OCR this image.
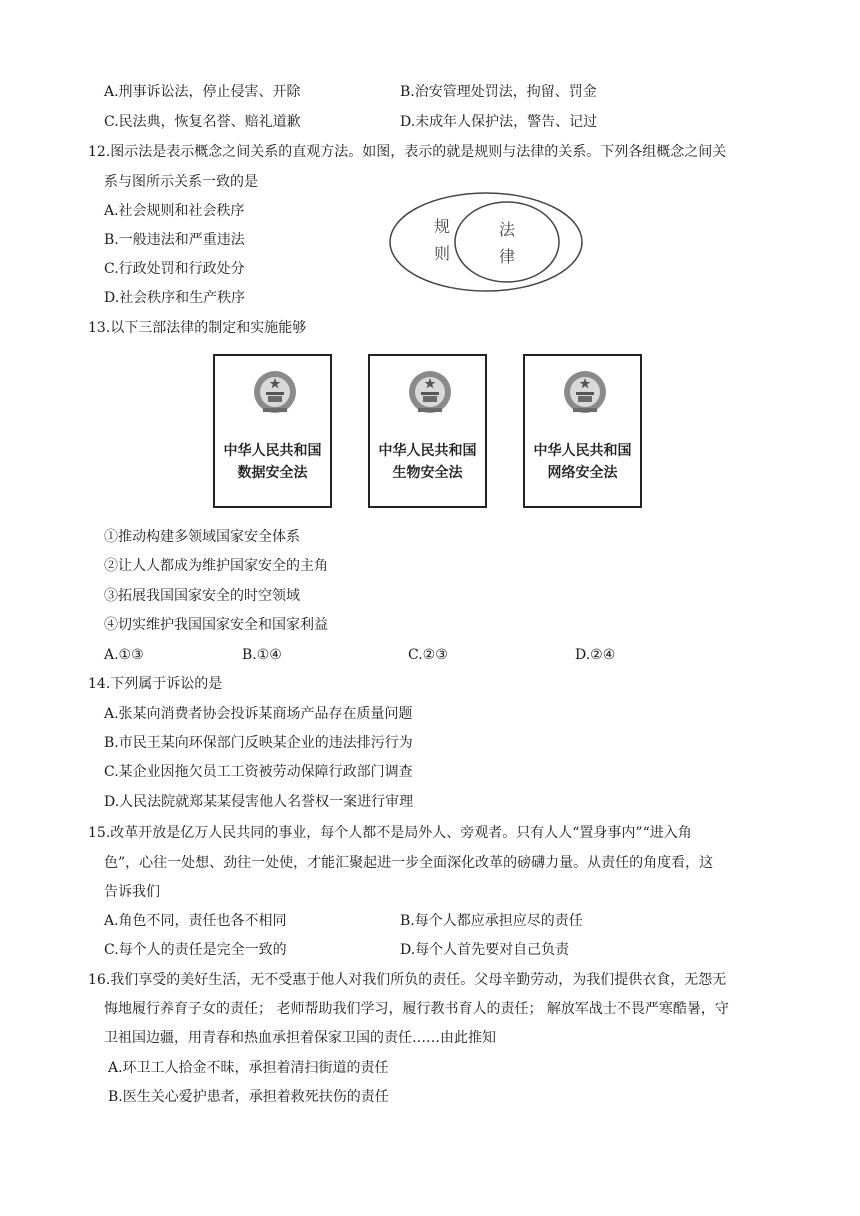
A.刑事诉讼法，停止侵害、开除	B.治安管理处罚法，拘留、罚金
C.民法典，恢复名誉、赔礼道歉	D.未成年人保护法，警告、记过
12.图示法是表示概念之间关系的直观方法。如图，表示的就是规则与法律的关系。下列各组概念之间关
系与图所示关系一致的是
A.社会规则和社会秩序
B.一般违法和严重违法
C.行政处罚和行政处分
D.社会秩序和生产秩序
规
则
法
律
13.以下三部法律的制定和实施能够
中华人民共和国
数据安全法
中华人民共和国
生物安全法
中华人民共和国
网络安全法
①推动构建多领域国家安全体系
②让人人都成为维护国家安全的主角
③拓展我国国家安全的时空领域
④切实维护我国国家安全和国家利益
A.①③	B.①④	C.②③	D.②④
14.下列属于诉讼的是
A.张某向消费者协会投诉某商场产品存在质量问题
B.市民王某向环保部门反映某企业的违法排污行为
C.某企业因拖欠员工工资被劳动保障行政部门调查
D.人民法院就郑某某侵害他人名誉权一案进行审理
15.改革开放是亿万人民共同的事业，每个人都不是局外人、旁观者。只有人人“置身事内”“进入角
色”，心往一处想、劲往一处使，才能汇聚起进一步全面深化改革的磅礴力量。从责任的角度看，这
告诉我们
A.角色不同，责任也各不相同	B.每个人都应承担应尽的责任
C.每个人的责任是完全一致的	D.每个人首先要对自己负责
16.我们享受的美好生活，无不受惠于他人对我们所负的责任。父母辛勤劳动，为我们提供衣食，无怨无
悔地履行养育子女的责任； 老师帮助我们学习，履行教书育人的责任； 解放军战士不畏严寒酷暑，守
卫祖国边疆，用青春和热血承担着保家卫国的责任……由此推知
A.环卫工人拾金不昧，承担着清扫街道的责任
B.医生关心爱护患者，承担着救死扶伤的责任
